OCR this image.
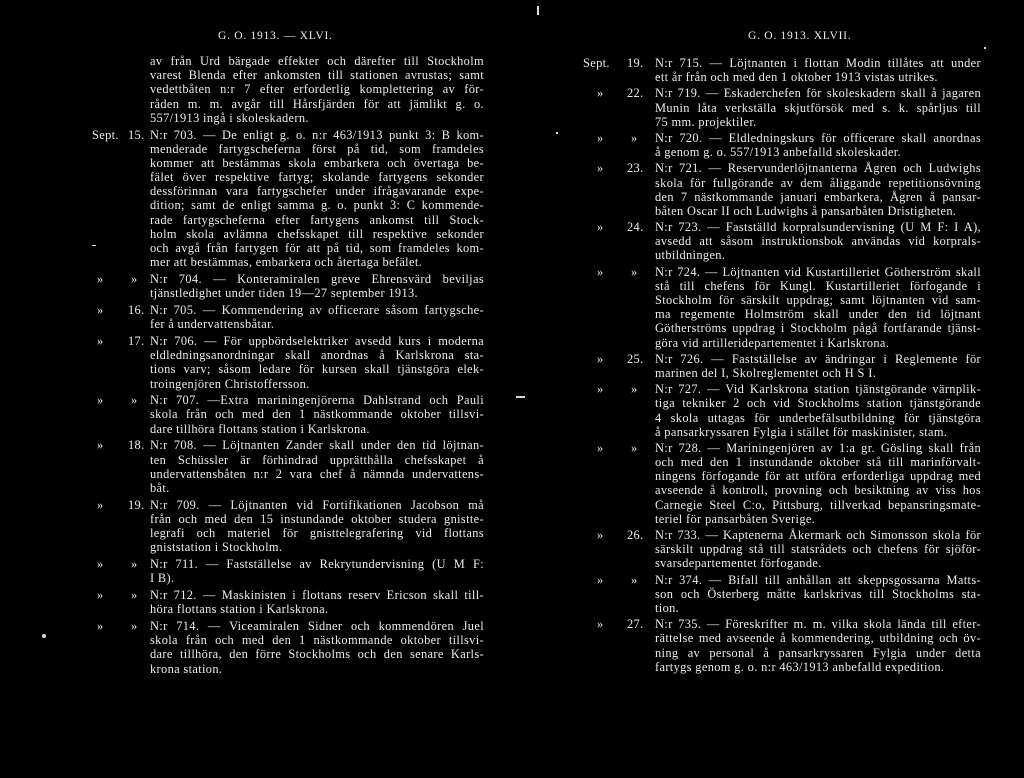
G. O. 1913. — XLVI.
av från Urd bärgade effekter och därefter till Stockholm
varest Blenda efter ankomsten till stationen avrustas; samt
vedettbåten n:r 7 efter erforderlig komplettering av för-
råden m. m. avgår till Hårsfjärden för att jämlikt g. o.
557/1913 ingå i skoleskadern.
Sept. 15. N:r 703. — De enligt g. o. n:r 463/1913 punkt 3: B kom-
menderade fartygscheferna först på tid, som framdeles
kommer att bestämmas skola embarkera och övertaga be-
fälet över respektive fartyg; skolande fartygens sekonder
dessförinnan vara fartygschefer under ifrågavarande expe-
dition; samt de enligt samma g. o. punkt 3: C kommende-
rade fartygscheferna efter fartygens ankomst till Stock-
holm skola avlämna chefsskapet till respektive sekonder
och avgå från fartygen för att på tid, som framdeles kom-
mer att bestämmas, embarkera och återtaga befälet.
»	»	N:r 704. — Konteramiralen greve Ehrensvärd beviljas
tjänstledighet under tiden 19—27 september 1913.
»	16. N:r 705. — Kommendering av officerare såsom fartygsche-
fer å undervattensbåtar.
»	17. N:r 706. — För uppbördselektriker avsedd kurs i moderna
eldledningsanordningar skall anordnas å Karlskrona sta-
tions varv; såsom ledare för kursen skall tjänstgöra elek-
troingenjören Christoffersson.
»	»	N:r 707. —Extra mariningenjörerna Dahlstrand och Pauli
skola från och med den 1 nästkommande oktober tillsvi-
dare tillhöra flottans station i Karlskrona.
»	18. N:r 708. — Löjtnanten Zander skall under den tid löjtnan-
ten Schüssler är förhindrad upprätthålla chefsskapet å
undervattensbåten n:r 2 vara chef å nämnda undervattens-
båt.
»	19. N:r 709. — Löjtnanten vid Fortifikationen Jacobson må
från och med den 15 instundande oktober studera gnistte-
legrafi och materiel för gnisttelegrafering vid flottans
gniststation i Stockholm.
»	»	N:r 711. — Fastställelse av Rekrytundervisning (U M F:
I B).
»	»	N:r 712. — Maskinisten i flottans reserv Ericson skall till-
höra flottans station i Karlskrona.
»	»	N:r 714. — Viceamiralen Sidner och kommendören Juel
skola från och med den 1 nästkommande oktober tillsvi-
dare tillhöra, den förre Stockholms och den senare Karls-
krona station.
G. O. 1913. XLVII.
Sept.	19. N:r 715. — Löjtnanten i flottan Modin tillåtes att under
ett år från och med den 1 oktober 1913 vistas utrikes.
»	22. N:r 719. — Eskaderchefen för skoleskadern skall å jagaren
Munin låta verkställa skjutförsök med s. k. spårljus till
75 mm. projektiler.
»	»	N:r 720. — Eldledningskurs för officerare skall anordnas
å genom g. o. 557/1913 anbefalld skoleskader.
»	23. N:r 721. — Reservunderlöjtnanterna Ågren och Ludwighs
skola för fullgörande av dem åliggande repetitionsövning
den 7 nästkommande januari embarkera, Ågren å pansar-
båten Oscar II och Ludwighs å pansarbåten Dristigheten.
»	24. N:r 723. — Fastställd korpralsundervisning (U M F: I A),
avsedd att såsom instruktionsbok användas vid korprals-
utbildningen.
»	»	N:r 724. — Löjtnanten vid Kustartilleriet Götherström skall
stå till chefens för Kungl. Kustartilleriet förfogande i
Stockholm för särskilt uppdrag; samt löjtnanten vid sam-
ma regemente Holmström skall under den tid löjtnant
Götherströms uppdrag i Stockholm pågå fortfarande tjänst-
göra vid artilleridepartementet i Karlskrona.
»	25. N:r 726. — Fastställelse av ändringar i Reglemente för
marinen del I, Skolreglementet och H S I.
»	»	N:r 727. — Vid Karlskrona station tjänstgörande värnplik-
tiga tekniker 2 och vid Stockholms station tjänstgörande
4 skola uttagas för underbefälsutbildning för tjänstgöra
å pansarkryssaren Fylgia i stället för maskinister, stam.
»	»	N:r 728. — Mariningenjören av 1:a gr. Gösling skall från
och med den 1 instundande oktober stå till marinförvalt-
ningens förfogande för att utföra erforderliga uppdrag med
avseende å kontroll, provning och besiktning av viss hos
Carnegie Steel C:o, Pittsburg, tillverkad bepansringsmate-
teriel för pansarbåten Sverige.
»	26. N:r 733. — Kaptenerna Åkermark och Simonsson skola för
särskilt uppdrag stå till statsrådets och chefens för sjöför-
svarsdepartementet förfogande.
»	»	N:r 374. — Bifall till anhållan att skeppsgossarna Matts-
son och Österberg måtte karlskrivas till Stockholms sta-
tion.
»	27. N:r 735. — Föreskrifter m. m. vilka skola lända till efter-
rättelse med avseende å kommendering, utbildning och öv-
ning av personal å pansarkryssaren Fylgia under detta
fartygs genom g. o. n:r 463/1913 anbefalld expedition.
